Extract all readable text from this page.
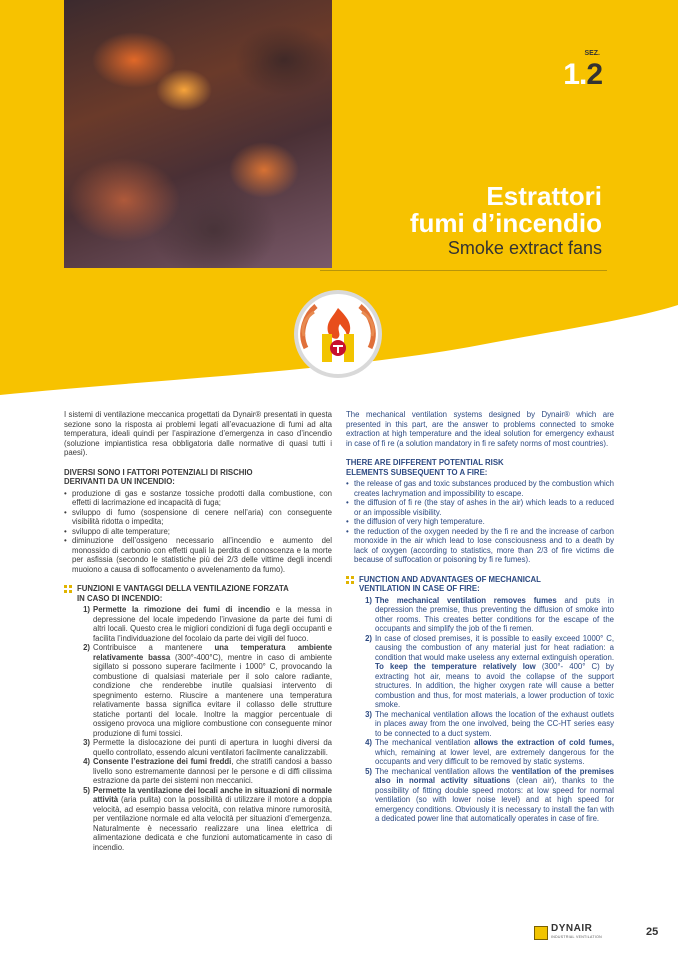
SEZ.
1.2
Estrattori
fumi d’incendio
Smoke extract fans

I sistemi di ventilazione meccanica progettati da Dynair® presentati in questa sezione sono la risposta ai problemi legati all’evacuazione di fumi ad alta temperatura, ideali quindi per l’aspirazione d’emergenza in caso d’incendio (soluzione impiantistica resa obbligatoria dalle normative di quasi tutti i paesi).

DIVERSI SONO I FATTORI POTENZIALI DI RISCHIO
DERIVANTI DA UN INCENDIO:
• produzione di gas e sostanze tossiche prodotti dalla combustione, con effetti di lacrimazione ed incapacità di fuga;
• sviluppo di fumo (sospensione di cenere nell’aria) con conseguente visibilità ridotta o impedita;
• sviluppo di alte temperature;
• diminuzione dell’ossigeno necessario all’incendio e aumento del monossido di carbonio con effetti quali la perdita di conoscenza e la morte per asfissia (secondo le statistiche più dei 2/3 delle vittime degli incendi muoiono a causa di soffocamento o avvelenamento da fumo).
FUNZIONI E VANTAGGI DELLA VENTILAZIONE FORZATA
IN CASO DI INCENDIO:
1) Permette la rimozione dei fumi di incendio e la messa in depressione del locale impedendo l’invasione da parte dei fumi di altri locali. Questo crea le migliori condizioni di fuga degli occupanti e facilita l’individuazione del focolaio da parte dei vigili del fuoco.
2) Contribuisce a mantenere una temperatura ambiente relativamente bassa (300°-400°C), mentre in caso di ambiente sigillato si possono superare facilmente i 1000° C, provocando la combustione di qualsiasi materiale per il solo calore radiante, condizione che renderebbe inutile qualsiasi intervento di spegnimento esterno. Riuscire a mantenere una temperatura relativamente bassa significa evitare il collasso delle strutture statiche portanti del locale. Inoltre la maggior percentuale di ossigeno provoca una migliore combustione con conseguente minor produzione di fumi tossici.
3) Permette la dislocazione dei punti di apertura in luoghi diversi da quello controllato, essendo alcuni ventilatori facilmente canalizzabili.
4) Consente l’estrazione dei fumi freddi, che stratifi candosi a basso livello sono estremamente dannosi per le persone e di diffi cilissima estrazione da parte dei sistemi non meccanici.
5) Permette la ventilazione dei locali anche in situazioni di normale attività (aria pulita) con la possibilità di utilizzare il motore a doppia velocità, ad esempio bassa velocità, con relativa minore rumorosità, per ventilazione normale ed alta velocità per situazioni d’emergenza. Naturalmente è necessario realizzare una linea elettrica di alimentazione dedicata e che funzioni automaticamente in caso di incendio.

The mechanical ventilation systems designed by Dynair® which are presented in this part, are the answer to problems connected to smoke extraction at high temperature and the ideal solution for emergency exhaust in case of fi re (a solution mandatory in fi re safety norms of most countries).

THERE ARE DIFFERENT POTENTIAL RISK
ELEMENTS SUBSEQUENT TO A FIRE:
• the release of gas and toxic substances produced by the combustion which creates lachrymation and impossibility to escape.
• the diffusion of fi re (the stay of ashes in the air) which leads to a reduced or an impossible visibility.
• the diffusion of very high temperature.
• the reduction of the oxygen needed by the fi re and the increase of carbon monoxide in the air which lead to lose consciousness and to a death by lack of oxygen (according to statistics, more than 2/3 of fire victims die because of suffocation or poisoning by fi re fumes).
FUNCTION AND ADVANTAGES OF MECHANICAL
VENTILATION IN CASE OF FIRE:
1) The mechanical ventilation removes fumes and puts in depression the premise, thus preventing the diffusion of smoke into other rooms. This creates better conditions for the escape of the occupants and simplify the job of the fi remen.
2) In case of closed premises, it is possible to easily exceed 1000° C, causing the combustion of any material just for heat radiation: a condition that would make useless any external extinguish operation. To keep the temperature relatively low (300°- 400° C) by extracting hot air, means to avoid the collapse of the support structures. In addition, the higher oxygen rate will cause a better combustion and thus, for most materials, a lower production of toxic smoke.
3) The mechanical ventilation allows the location of the exhaust outlets in places away from the one involved, being the CC-HT series easy to be connected to a duct system.
4) The mechanical ventilation allows the extraction of cold fumes, which, remaining at lower level, are extremely dangerous for the occupants and very difficult to be removed by static systems.
5) The mechanical ventilation allows the ventilation of the premises also in normal activity situations (clean air), thanks to the possibility of fitting double speed motors: at low speed for normal ventilation (so with lower noise level) and at high speed for emergency conditions. Obviously it is necessary to install the fan with a dedicated power line that automatically operates in case of fire.
DYNAIR
INDUSTRIAL VENTILATION	25
